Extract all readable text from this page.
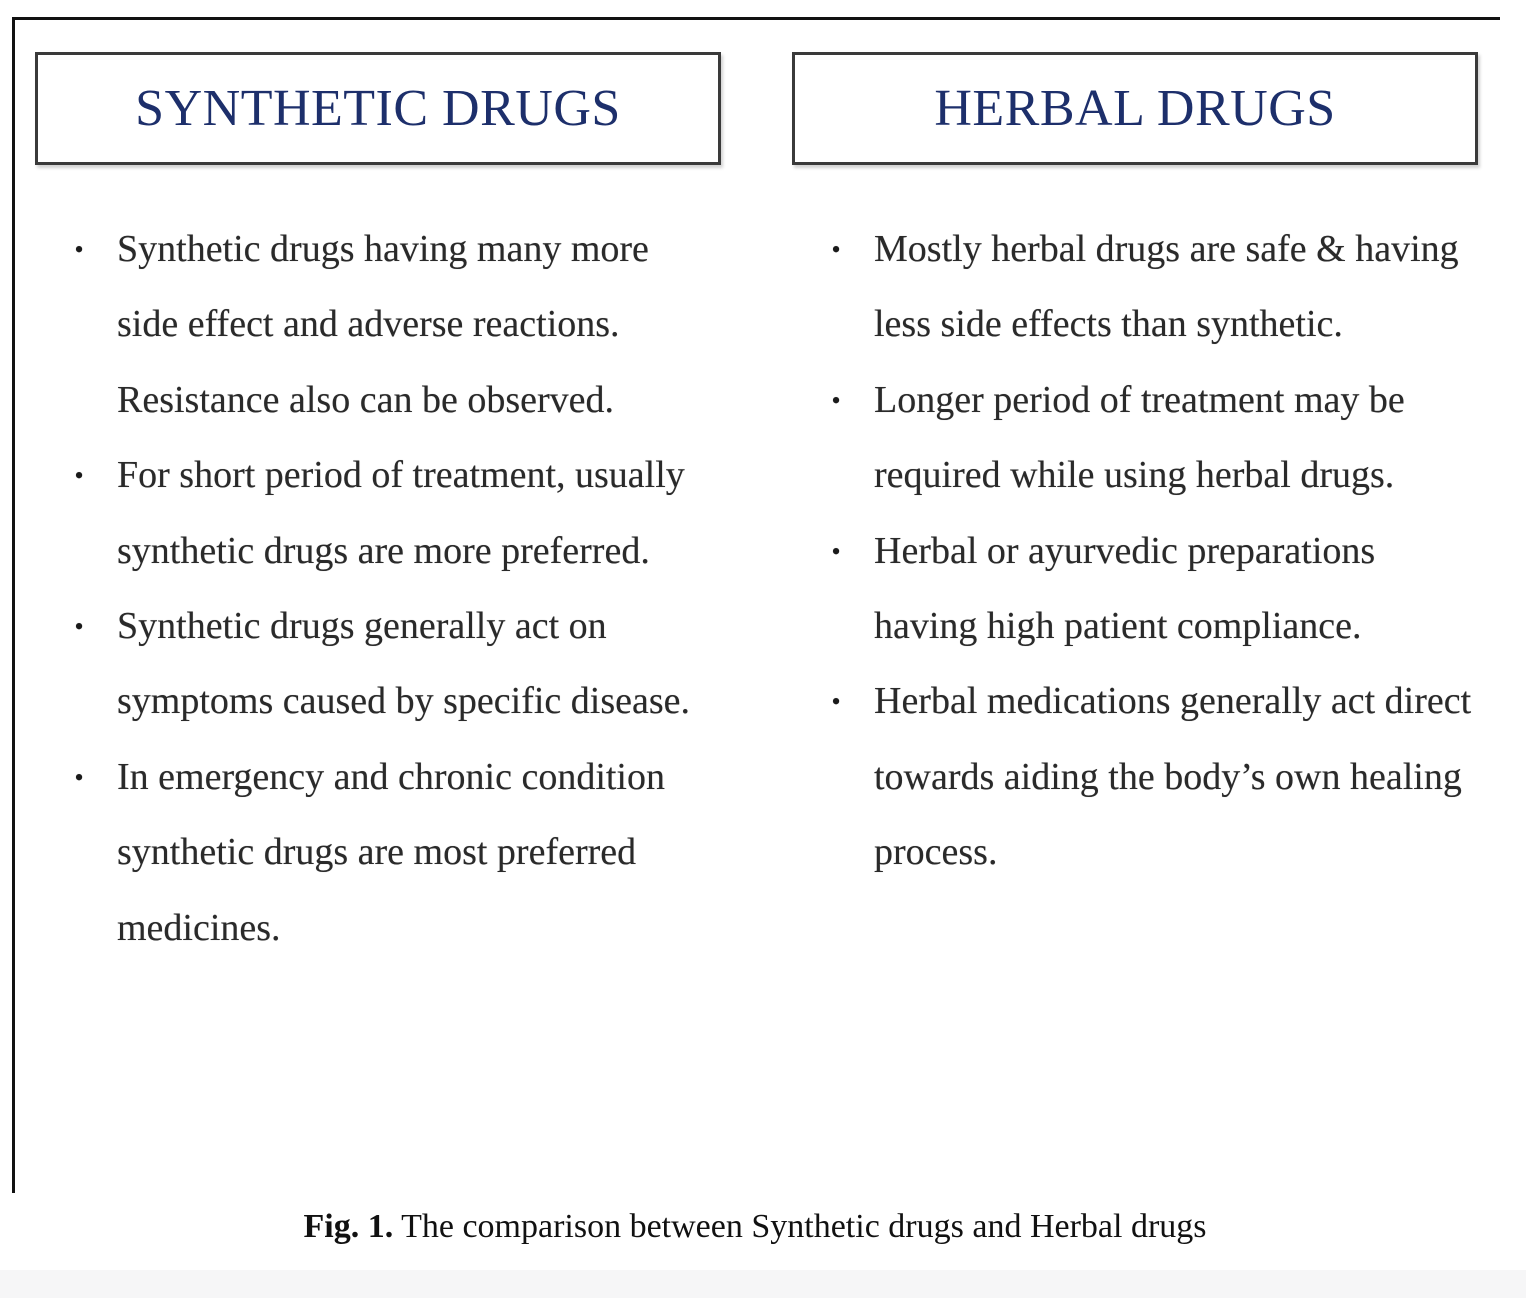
SYNTHETIC DRUGS
• Synthetic drugs having many more side effect and adverse reactions. Resistance also can be observed.
• For short period of treatment, usually synthetic drugs are more preferred.
• Synthetic drugs generally act on symptoms caused by specific disease.
• In emergency and chronic condition synthetic drugs are most preferred medicines.
HERBAL DRUGS
• Mostly herbal drugs are safe & having less side effects than synthetic.
• Longer period of treatment may be required while using herbal drugs.
• Herbal or ayurvedic preparations having high patient compliance.
• Herbal medications generally act direct towards aiding the body’s own healing process.
Fig. 1. The comparison between Synthetic drugs and Herbal drugs
